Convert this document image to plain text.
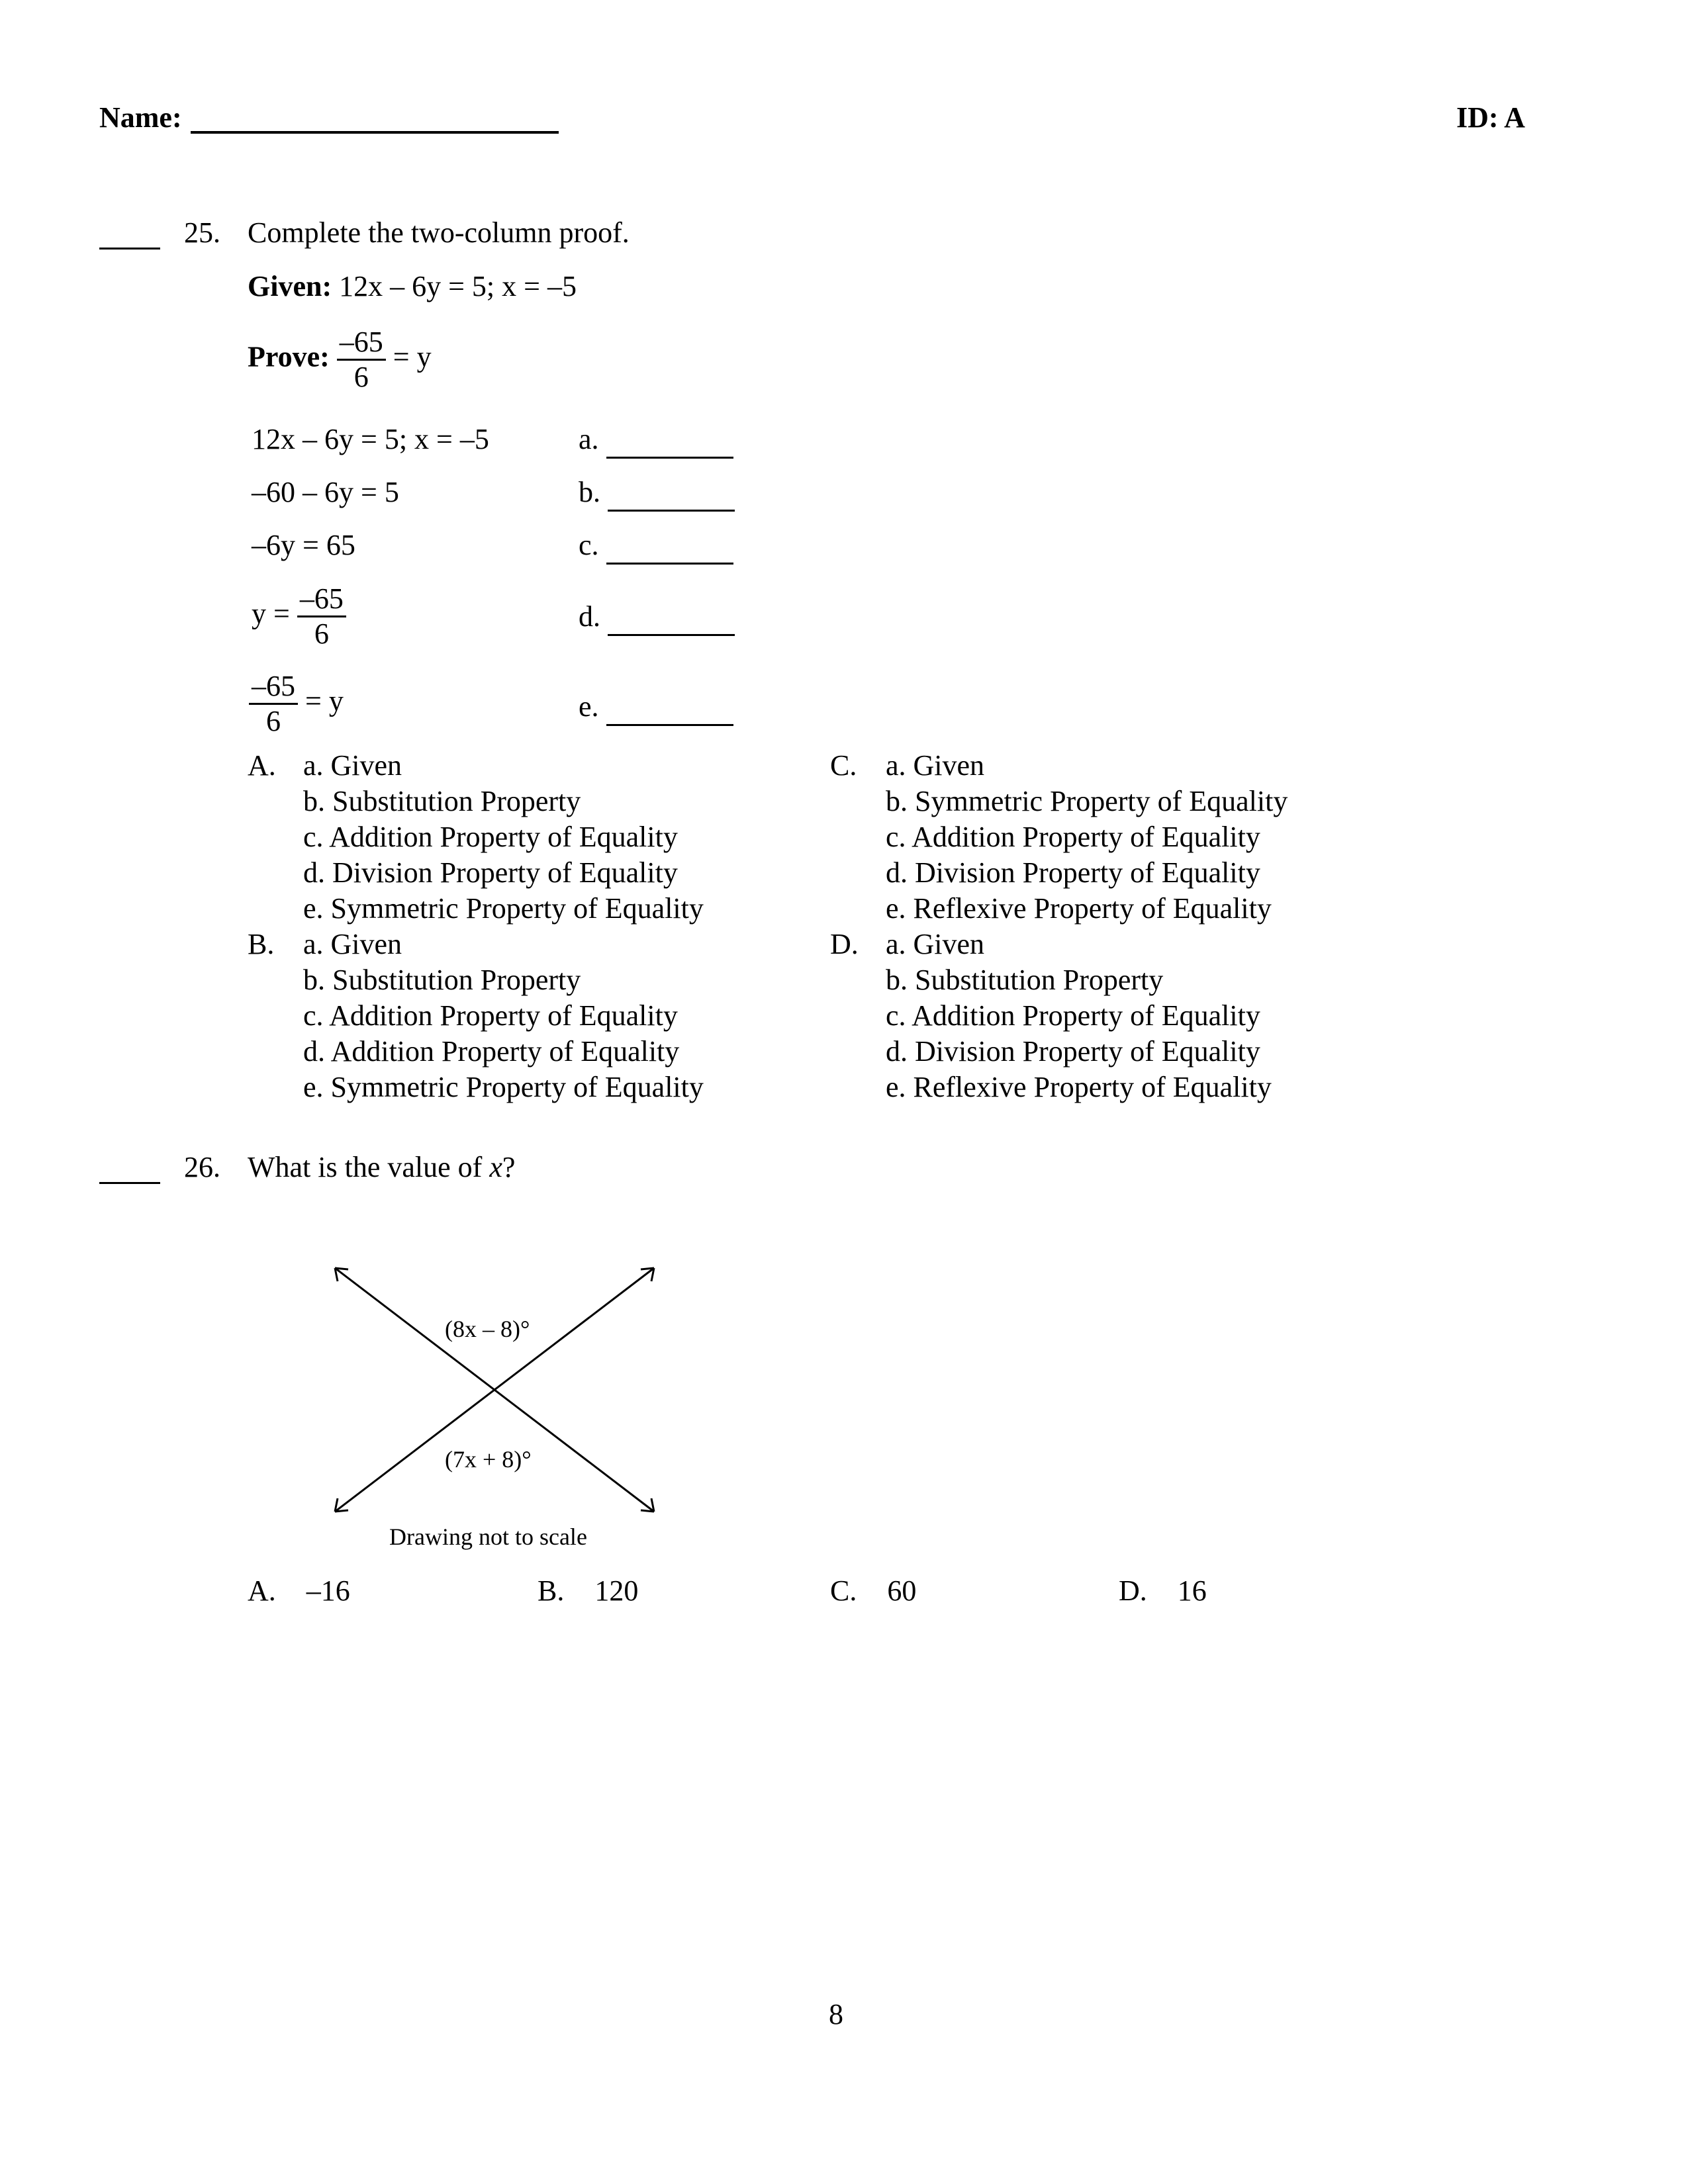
Name:	ID: A
25. Complete the two-column proof.
Given: 12x – 6y = 5; x = –5
Prove: $\frac{-65}{6} = y$
12x – 6y = 5; x = –5	a.
–60 – 6y = 5	b.
–6y = 65	c.
$y = \frac{-65}{6}$	d.
$\frac{-65}{6} = y$	e.
A. a. Given
b. Substitution Property
c. Addition Property of Equality
d. Division Property of Equality
e. Symmetric Property of Equality
B. a. Given
b. Substitution Property
c. Addition Property of Equality
d. Addition Property of Equality
e. Symmetric Property of Equality
C. a. Given
b. Symmetric Property of Equality
c. Addition Property of Equality
d. Division Property of Equality
e. Reflexive Property of Equality
D. a. Given
b. Substitution Property
c. Addition Property of Equality
d. Division Property of Equality
e. Reflexive Property of Equality
26. What is the value of x?
(8x – 8)°
(7x + 8)°
Drawing not to scale
A. –16	B. 120	C. 60	D. 16
8
